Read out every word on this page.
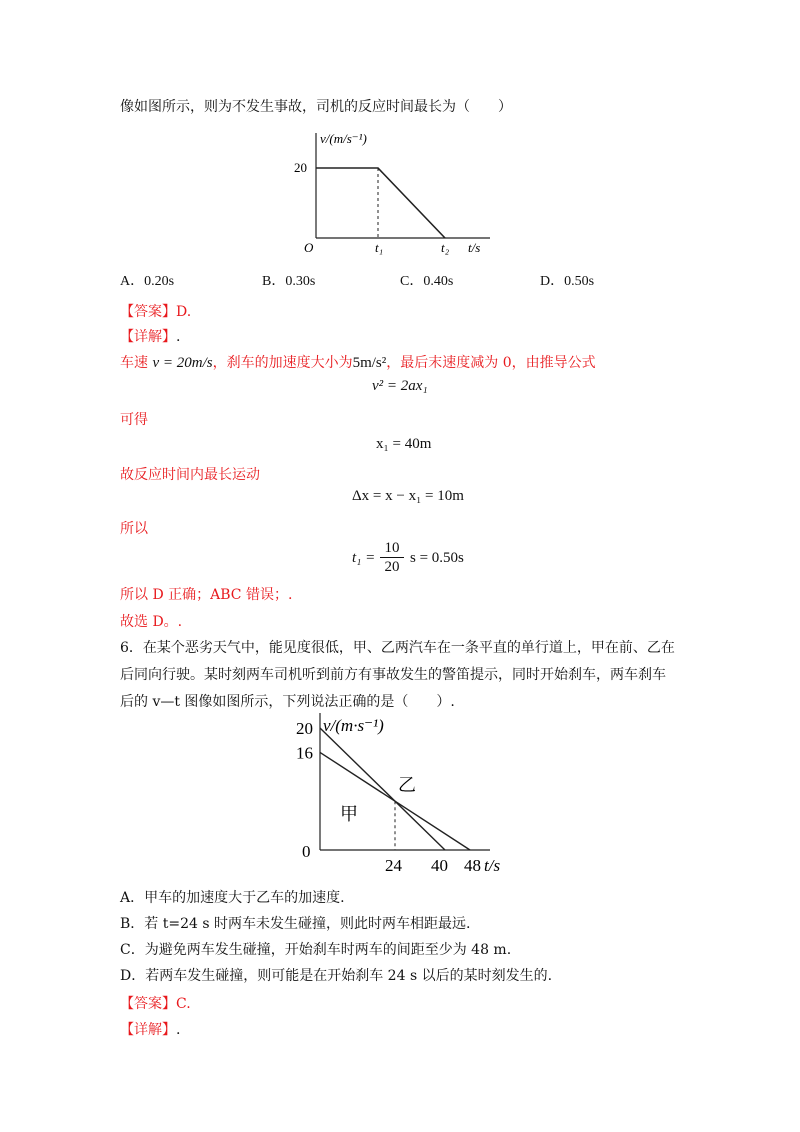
像如图所示，则为不发生事故，司机的反应时间最长为（　　）
v/(m/s⁻¹)
20
O	t₁	t₂ t/s
A．0.20s	B．0.30s	C．0.40s	D．0.50s
【答案】D.
【详解】.
车速 v = 20m/s，刹车的加速度大小为5m/s²，最后末速度减为 0，由推导公式
v² = 2ax₁
可得
x₁ = 40m
故反应时间内最长运动
Δx = x − x₁ = 10m
所以
t₁ =
10
20
s = 0.50s
所以 D 正确；ABC 错误；.
故选 D。.
6．在某个恶劣天气中，能见度很低，甲、乙两汽车在一条平直的单行道上，甲在前、乙在
后同向行驶。某时刻两车司机听到前方有事故发生的警笛提示，同时开始刹车，两车刹车
后的 v—t 图像如图所示，下列说法正确的是（　　）.
v/(m·s⁻¹)
20
16
0
24 40 48 t/s
乙
甲
A．甲车的加速度大于乙车的加速度.
B．若 t=24 s 时两车未发生碰撞，则此时两车相距最远.
C．为避免两车发生碰撞，开始刹车时两车的间距至少为 48 m.
D．若两车发生碰撞，则可能是在开始刹车 24 s 以后的某时刻发生的.
【答案】C.
【详解】.
